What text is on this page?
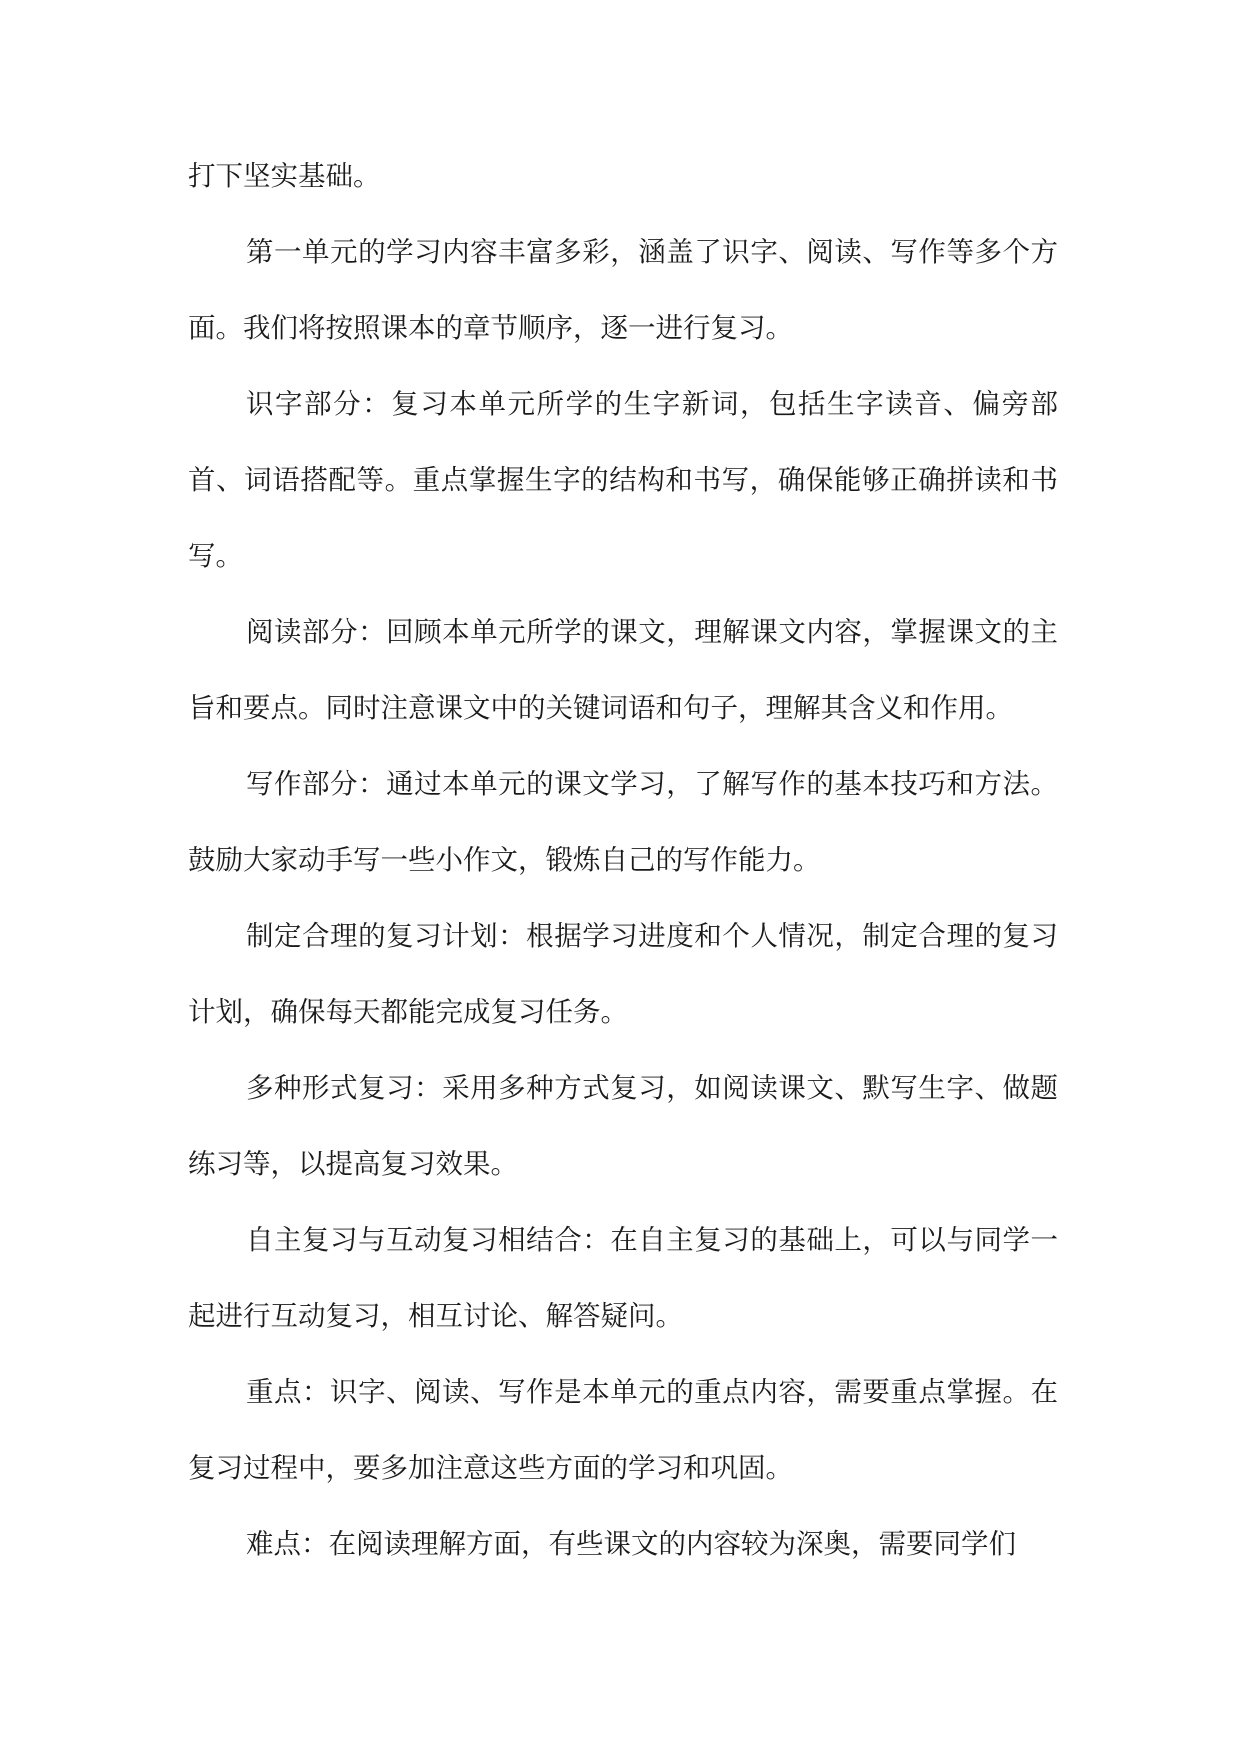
打下坚实基础。

第一单元的学习内容丰富多彩，涵盖了识字、阅读、写作等多个方面。我们将按照课本的章节顺序，逐一进行复习。

识字部分：复习本单元所学的生字新词，包括生字读音、偏旁部首、词语搭配等。重点掌握生字的结构和书写，确保能够正确拼读和书写。

阅读部分：回顾本单元所学的课文，理解课文内容，掌握课文的主旨和要点。同时注意课文中的关键词语和句子，理解其含义和作用。

写作部分：通过本单元的课文学习，了解写作的基本技巧和方法。鼓励大家动手写一些小作文，锻炼自己的写作能力。

制定合理的复习计划：根据学习进度和个人情况，制定合理的复习计划，确保每天都能完成复习任务。

多种形式复习：采用多种方式复习，如阅读课文、默写生字、做题练习等，以提高复习效果。

自主复习与互动复习相结合：在自主复习的基础上，可以与同学一起进行互动复习，相互讨论、解答疑问。

重点：识字、阅读、写作是本单元的重点内容，需要重点掌握。在复习过程中，要多加注意这些方面的学习和巩固。

难点：在阅读理解方面，有些课文的内容较为深奥，需要同学们
